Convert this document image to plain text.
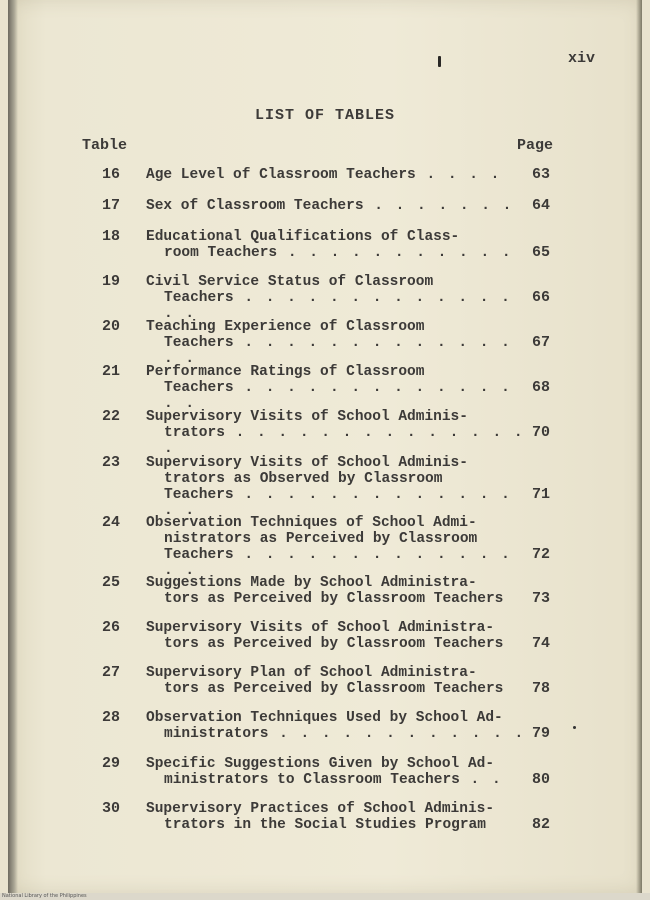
xiv
LIST OF TABLES
Table	Page
16 Age Level of Classroom Teachers . . . .	63
17 Sex of Classroom Teachers . . . . . . .	64
18 Educational Qualifications of Class-
room Teachers . . . . . . . . . . .	65
19 Civil Service Status of Classroom
Teachers . . . . . . . . . . . . . . .
66
20 Teaching Experience of Classroom
Teachers . . . . . . . . . . . . . . .
67
21 Performance Ratings of Classroom
Teachers . . . . . . . . . . . . . . .
68
22 Supervisory Visits of School Adminis-
trators . . . . . . . . . . . . . . .
70
23 Supervisory Visits of School Adminis-
trators as Observed by Classroom
Teachers . . . . . . . . . . . . . . .
71
24 Observation Techniques of School Admi-
nistrators as Perceived by Classroom
Teachers . . . . . . . . . . . . . . .
72
25 Suggestions Made by School Administra-
tors as Perceived by Classroom Teachers	73
26 Supervisory Visits of School Administra-
tors as Perceived by Classroom Teachers	74
27 Supervisory Plan of School Administra-
tors as Perceived by Classroom Teachers	78
28 Observation Techniques Used by School Ad-
ministrators . . . . . . . . . . . . 79
29 Specific Suggestions Given by School Ad-
ministrators to Classroom Teachers . .	80
30 Supervisory Practices of School Adminis-
trators in the Social Studies Program	82
National Library of the Philippines
